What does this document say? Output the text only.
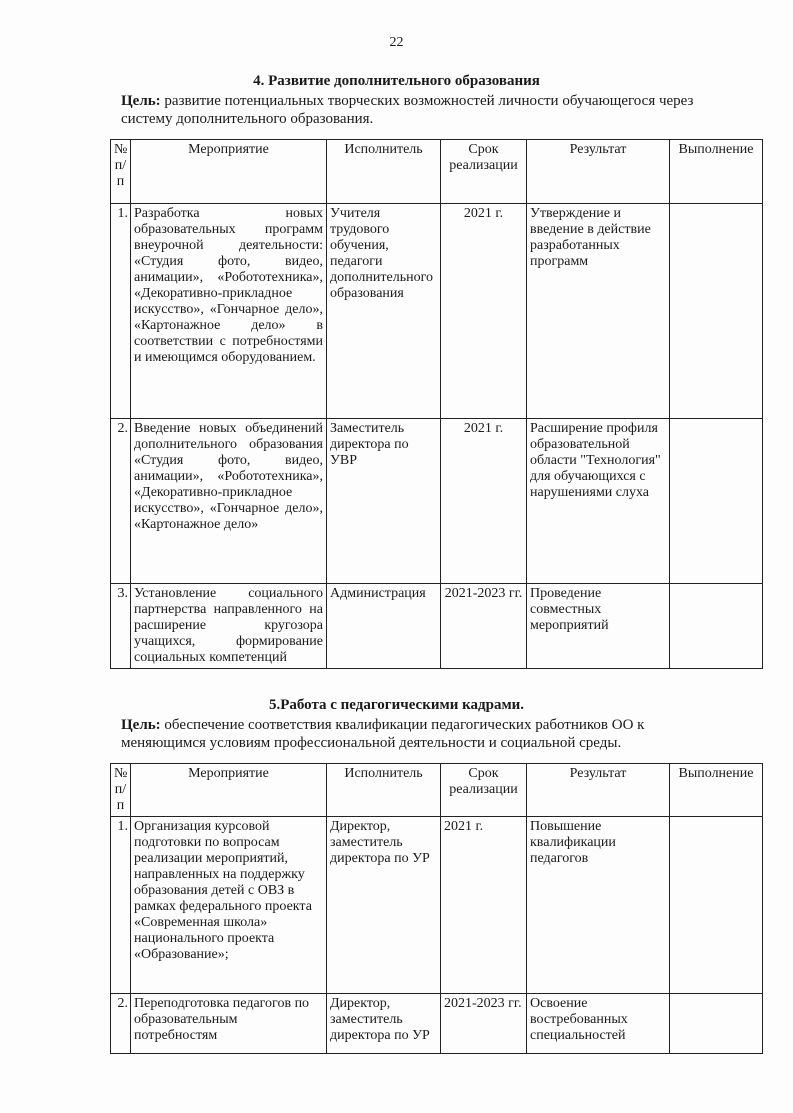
22
4. Развитие дополнительного образования
Цель: развитие потенциальных творческих возможностей личности обучающегося через
систему дополнительного образования.
№ п/ п	Мероприятие	Исполнитель	Срок реализации	Результат	Выполнение
1.	Разработка новых образовательных программ внеурочной деятельности: «Студия фото, видео, анимации», «Робототехника», «Декоративно-прикладное искусство», «Гончарное дело», «Картонажное дело» в соответствии с потребностями и имеющимся оборудованием.	Учителя трудового обучения, педагоги дополнительного образования	2021 г.	Утверждение и введение в действие разработанных программ	
2.	Введение новых объединений дополнительного образования «Студия фото, видео, анимации», «Робототехника», «Декоративно-прикладное искусство», «Гончарное дело», «Картонажное дело»	Заместитель директора по УВР	2021 г.	Расширение профиля образовательной области "Технология" для обучающихся с нарушениями слуха	
3.	Установление социального партнерства направленного на расширение кругозора учащихся, формирование социальных компетенций	Администрация	2021-2023 гг.	Проведение совместных мероприятий	
5.Работа с педагогическими кадрами.
Цель: обеспечение соответствия квалификации педагогических работников ОО к
меняющимся условиям профессиональной деятельности и социальной среды.
№ п/п	Мероприятие	Исполнитель	Срок реализации	Результат	Выполнение
1.	Организация курсовой подготовки по вопросам реализации мероприятий, направленных на поддержку образования детей с ОВЗ в рамках федерального проекта «Современная школа» национального проекта «Образование»;	Директор, заместитель директора по УР	2021 г.	Повышение квалификации педагогов	
2.	Переподготовка педагогов по образовательным потребностям	Директор, заместитель директора по УР	2021-2023 гг.	Освоение востребованных специальностей	
